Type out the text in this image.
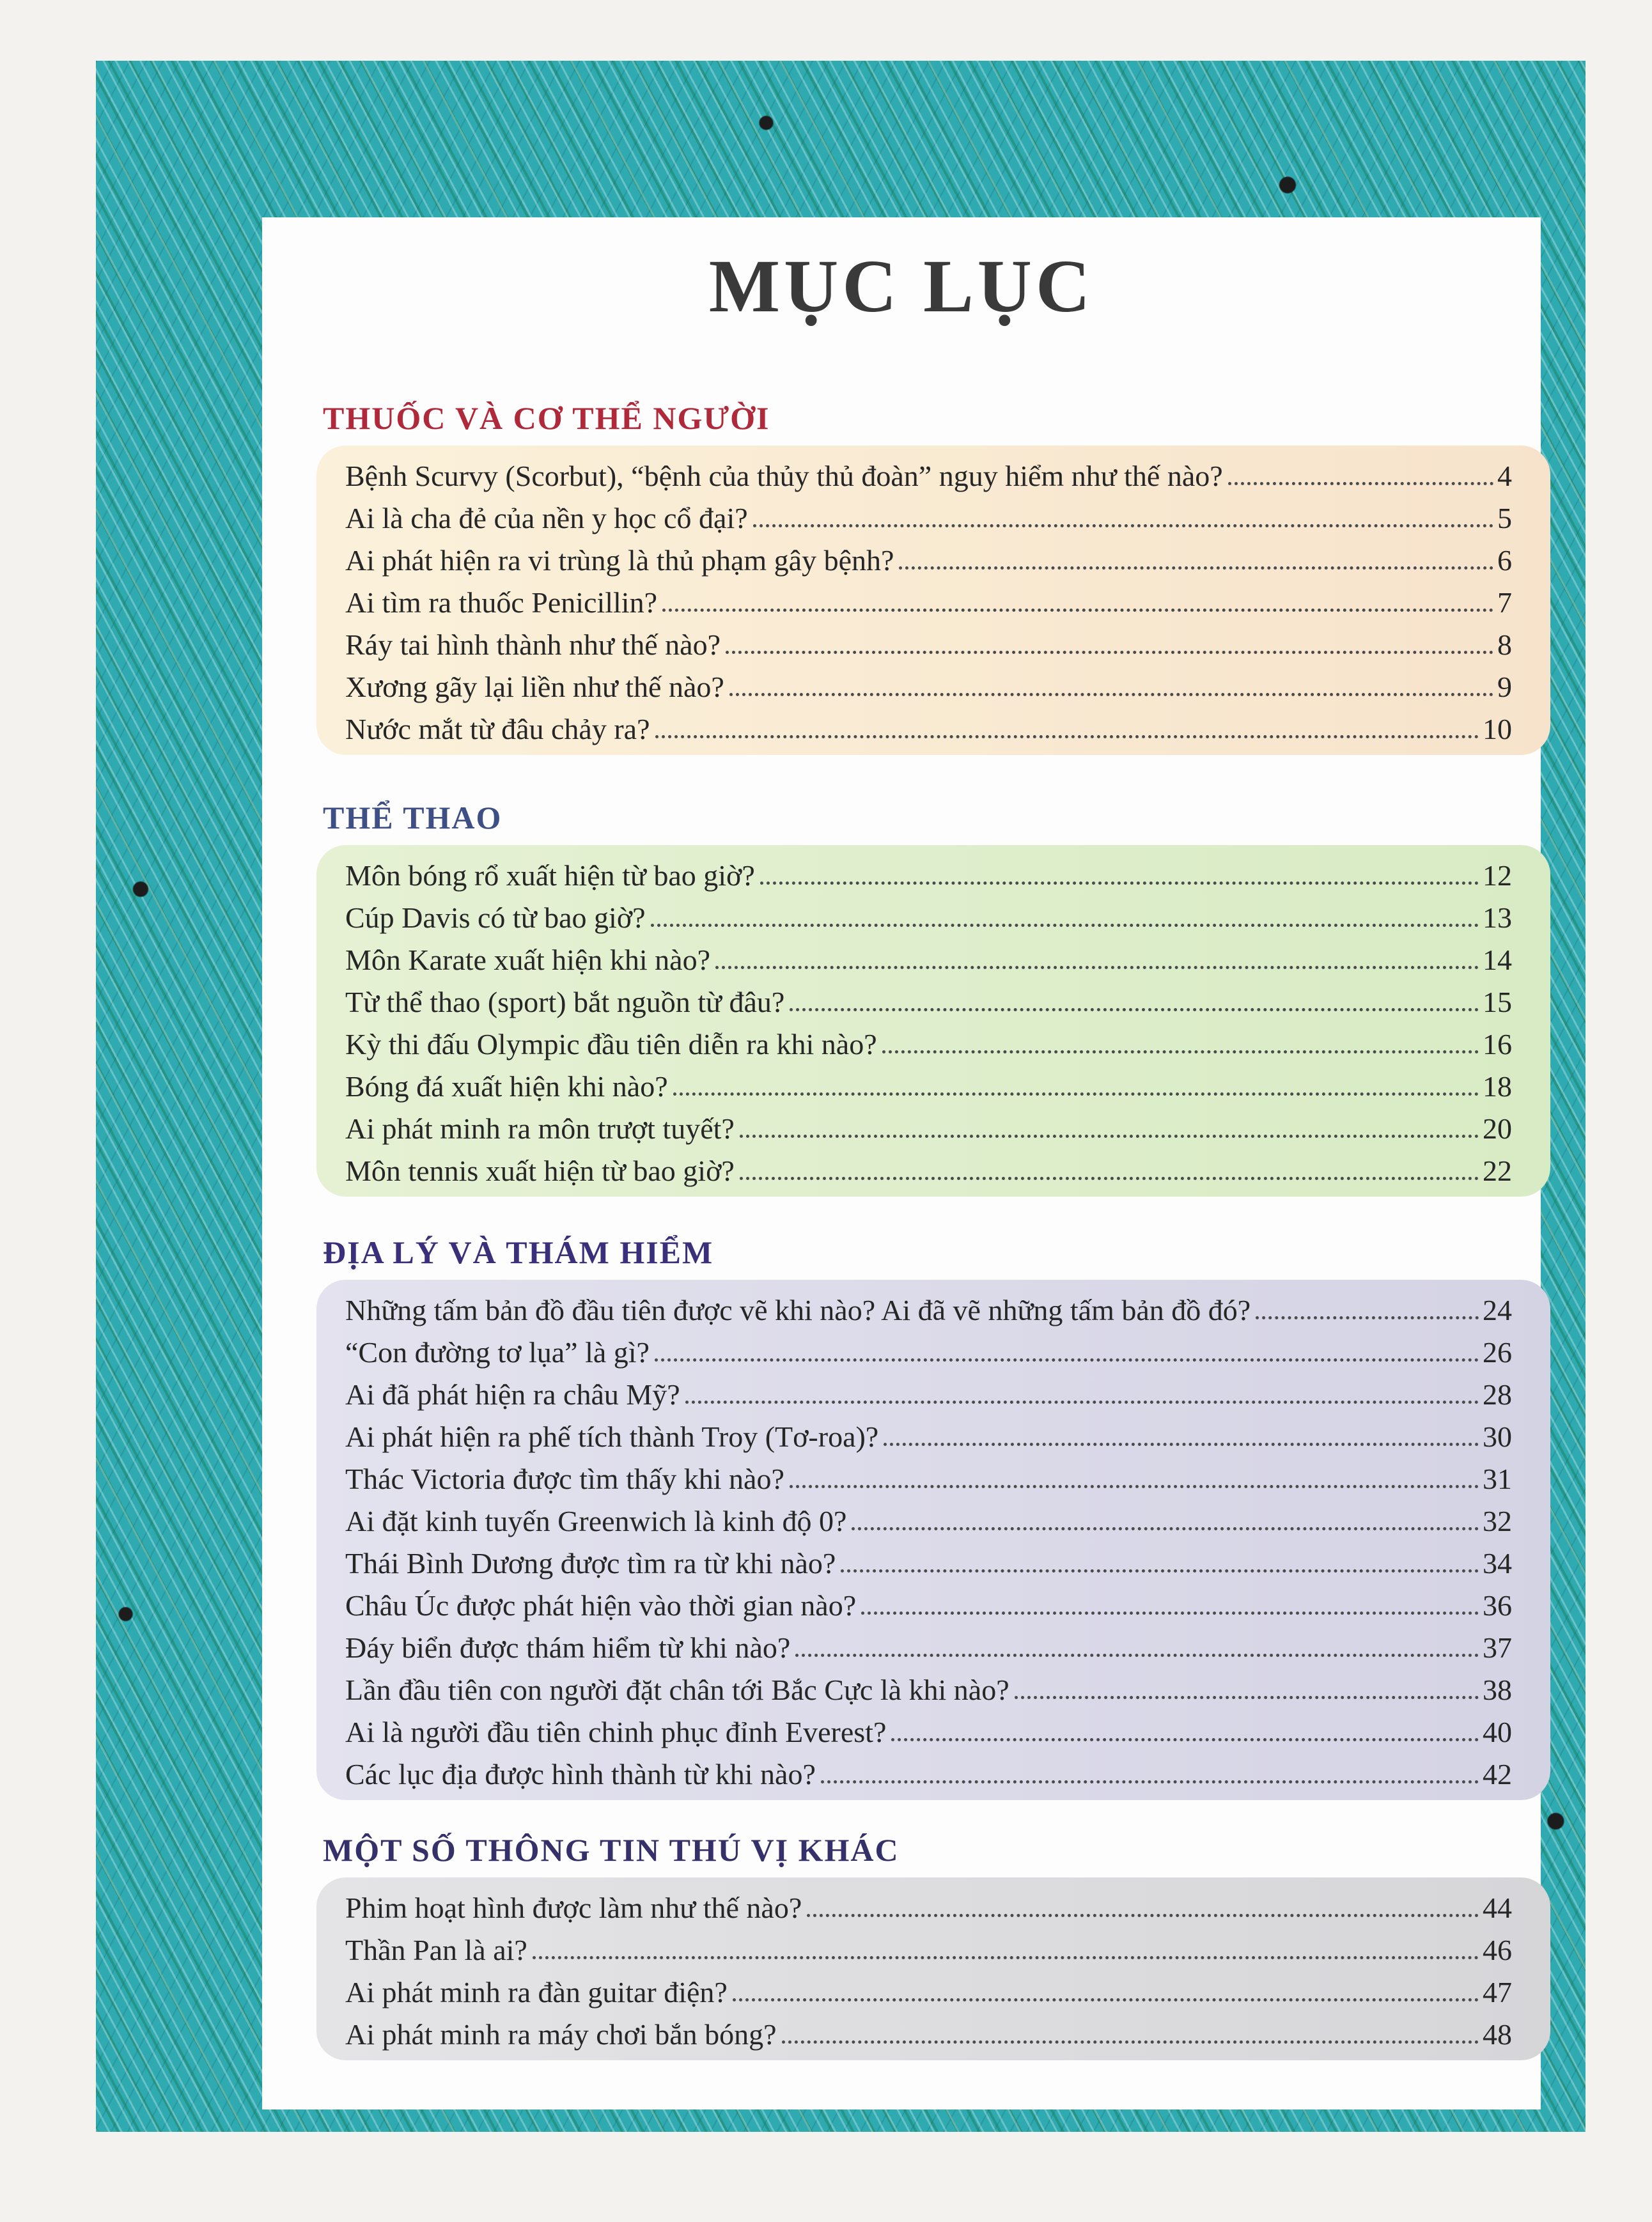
MỤC LỤC
THUỐC VÀ CƠ THỂ NGƯỜI
Bệnh Scurvy (Scorbut), “bệnh của thủy thủ đoàn” nguy hiểm như thế nào?	4
Ai là cha đẻ của nền y học cổ đại?	5
Ai phát hiện ra vi trùng là thủ phạm gây bệnh?	6
Ai tìm ra thuốc Penicillin?	7
Ráy tai hình thành như thế nào?	8
Xương gãy lại liền như thế nào?	9
Nước mắt từ đâu chảy ra?	10
THỂ THAO
Môn bóng rổ xuất hiện từ bao giờ?	12
Cúp Davis có từ bao giờ?	13
Môn Karate xuất hiện khi nào?	14
Từ thể thao (sport) bắt nguồn từ đâu?	15
Kỳ thi đấu Olympic đầu tiên diễn ra khi nào?	16
Bóng đá xuất hiện khi nào?	18
Ai phát minh ra môn trượt tuyết?	20
Môn tennis xuất hiện từ bao giờ?	22
ĐỊA LÝ VÀ THÁM HIỂM
Những tấm bản đồ đầu tiên được vẽ khi nào? Ai đã vẽ những tấm bản đồ đó?	24
“Con đường tơ lụa” là gì?	26
Ai đã phát hiện ra châu Mỹ?	28
Ai phát hiện ra phế tích thành Troy (Tơ-roa)?	30
Thác Victoria được tìm thấy khi nào?	31
Ai đặt kinh tuyến Greenwich là kinh độ 0?	32
Thái Bình Dương được tìm ra từ khi nào?	34
Châu Úc được phát hiện vào thời gian nào?	36
Đáy biển được thám hiểm từ khi nào?	37
Lần đầu tiên con người đặt chân tới Bắc Cực là khi nào?	38
Ai là người đầu tiên chinh phục đỉnh Everest?	40
Các lục địa được hình thành từ khi nào?	42
MỘT SỐ THÔNG TIN THÚ VỊ KHÁC
Phim hoạt hình được làm như thế nào?	44
Thần Pan là ai?	46
Ai phát minh ra đàn guitar điện?	47
Ai phát minh ra máy chơi bắn bóng?	48
